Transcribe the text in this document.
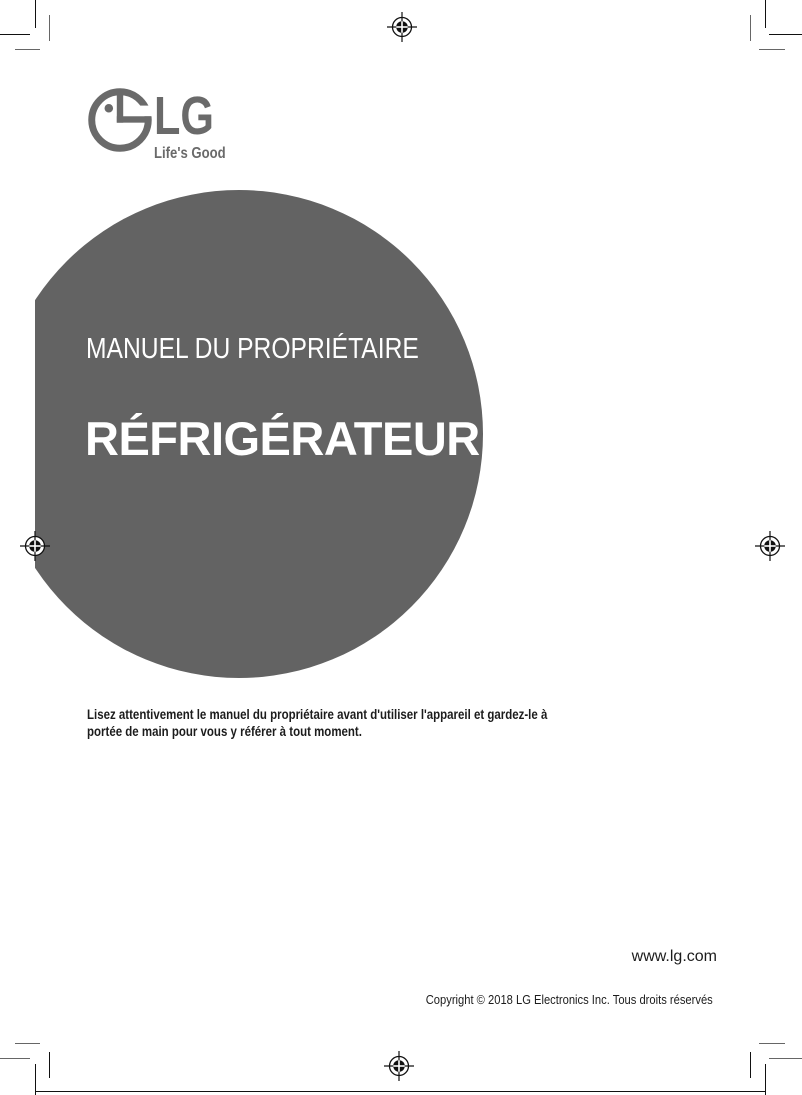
LG
Life's Good
MANUEL DU PROPRIÉTAIRE
RÉFRIGÉRATEUR
Lisez attentivement le manuel du propriétaire avant d'utiliser l'appareil et gardez-le à
portée de main pour vous y référer à tout moment.
www.lg.com
Copyright © 2018 LG Electronics Inc. Tous droits réservés
